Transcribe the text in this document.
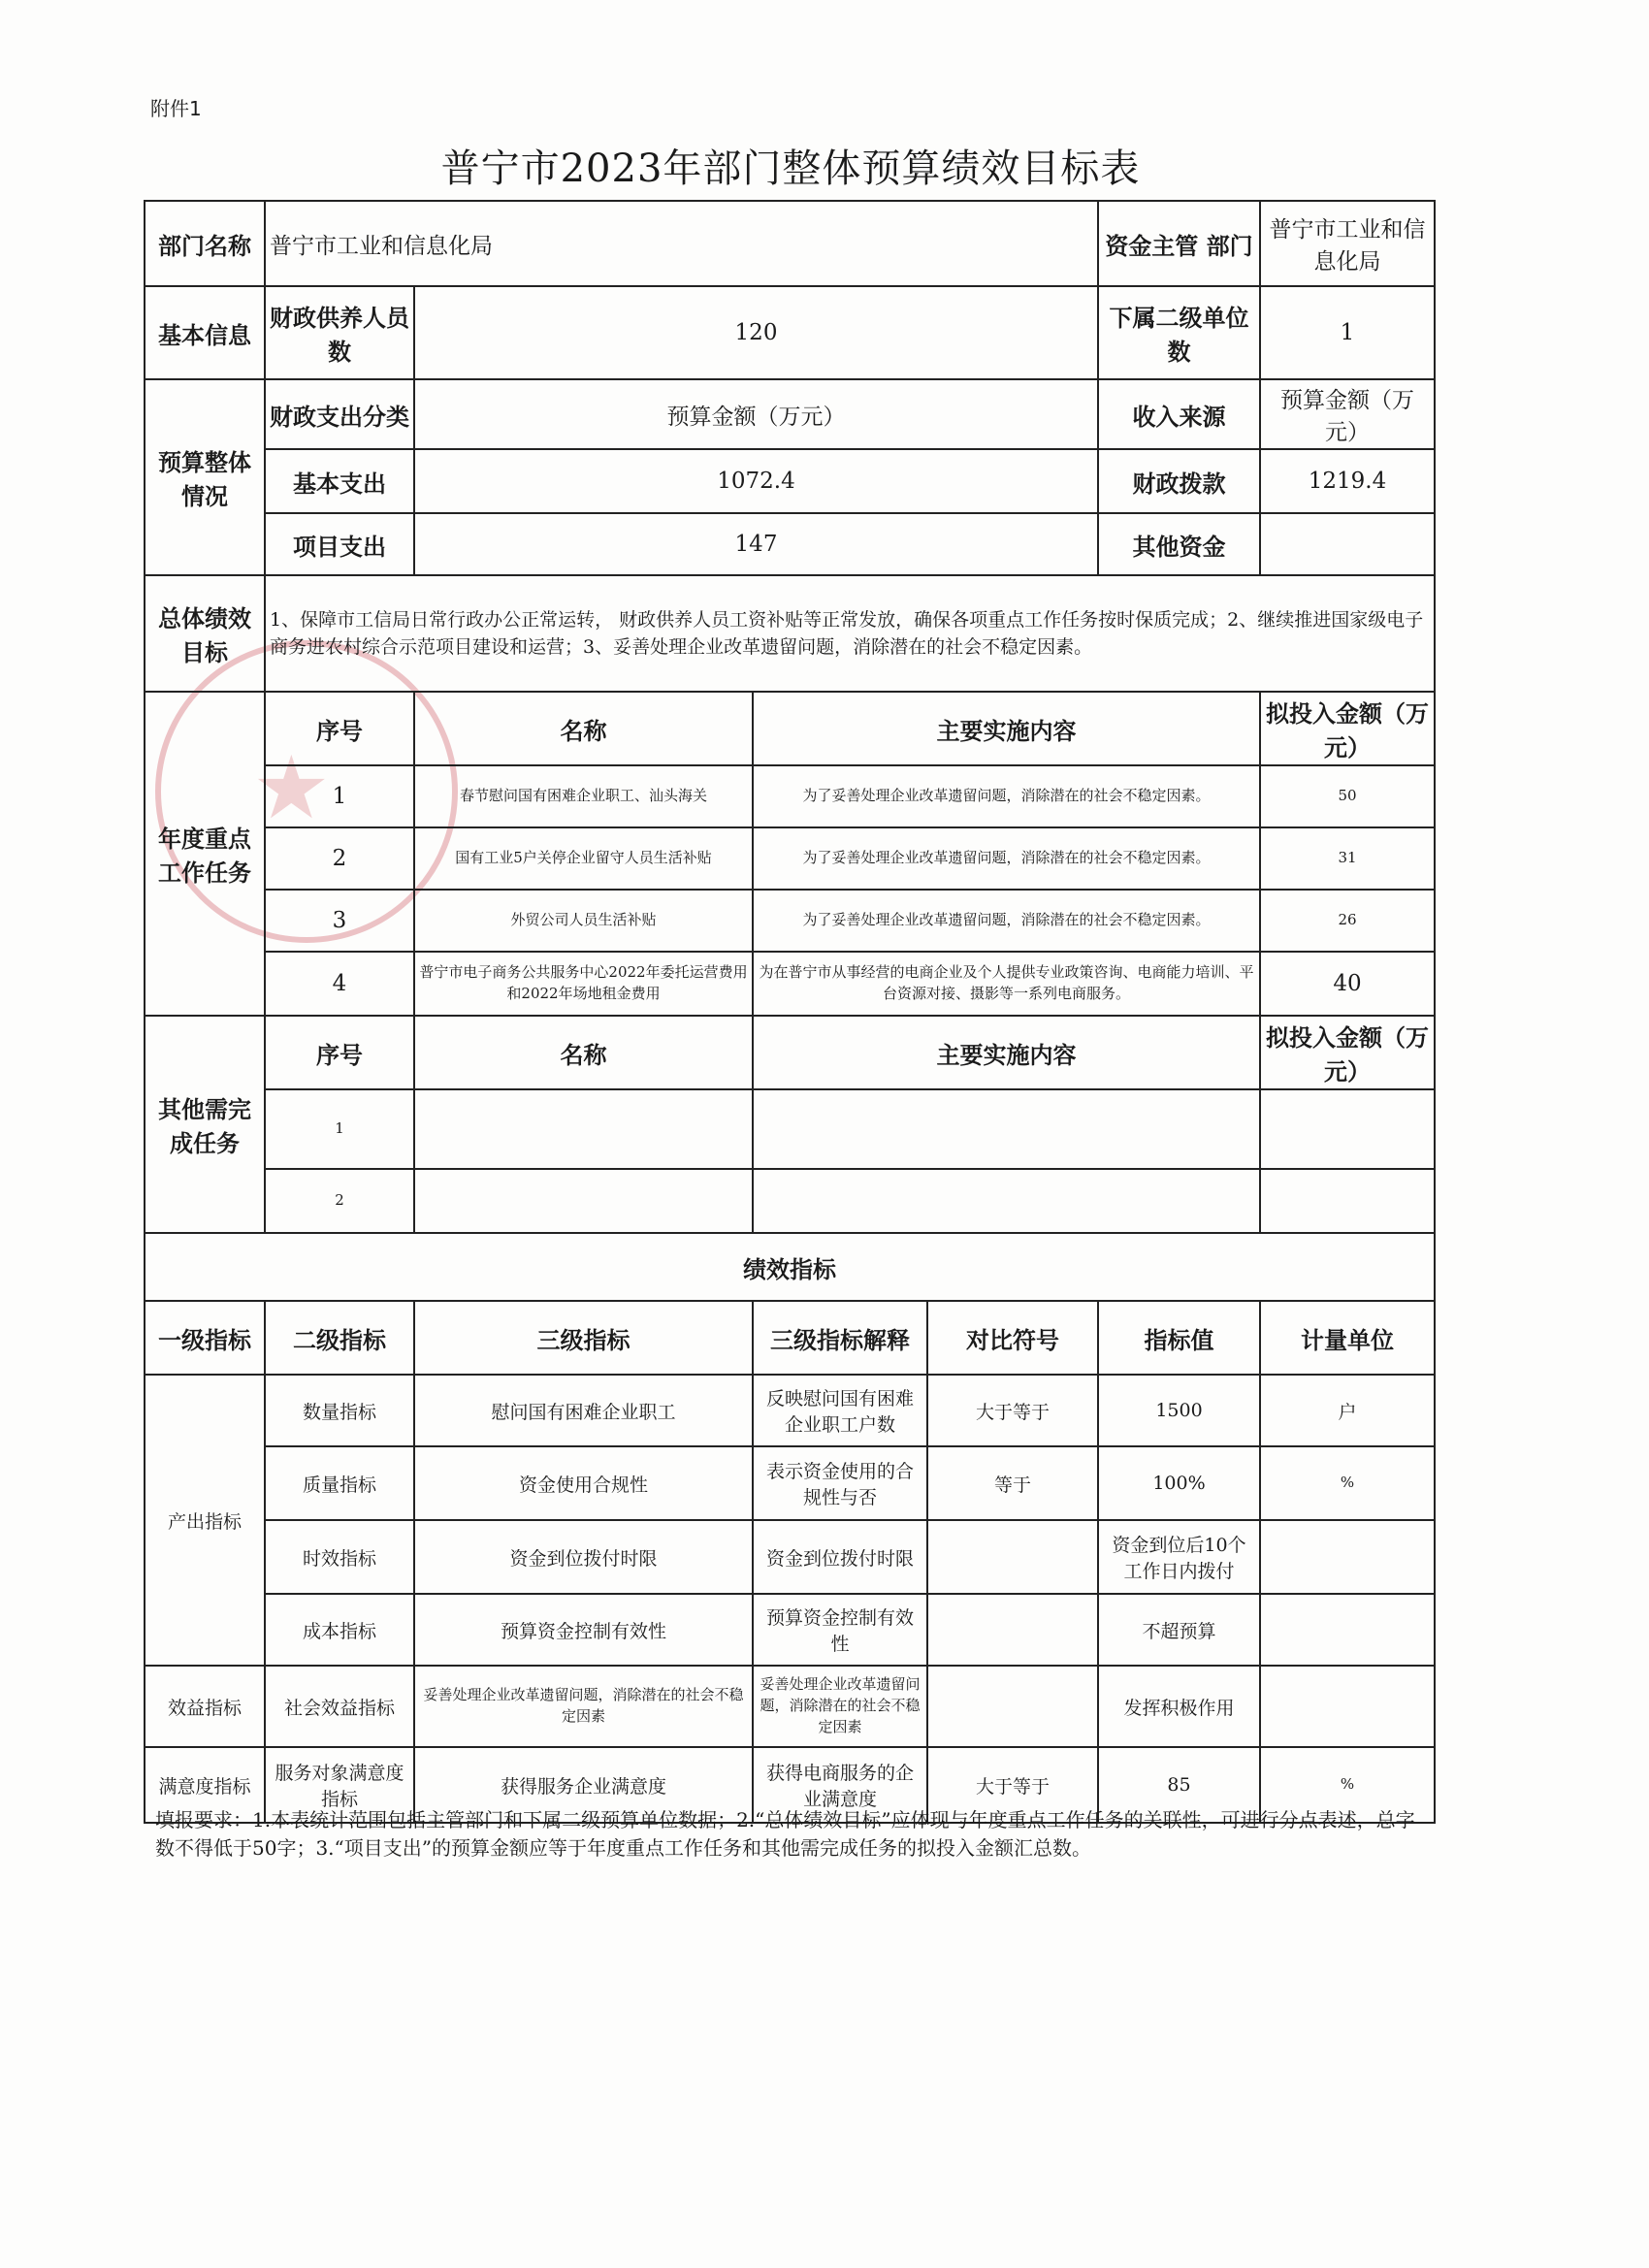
附件1
普宁市2023年部门整体预算绩效目标表
★
部门名称	普宁市工业和信息化局				资金主管 部门	普宁市工业和信息化局
基本信息	财政供养人员数	120			下属二级单位数	1
预算整体情况	财政支出分类	预算金额（万元）			收入来源	预算金额（万元）
	基本支出	1072.4			财政拨款	1219.4
	项目支出	147			其他资金	
总体绩效目标	1、保障市工信局日常行政办公正常运转， 财政供养人员工资补贴等正常发放，确保各项重点工作任务按时保质完成；2、继续推进国家级电子商务进农村综合示范项目建设和运营；3、妥善处理企业改革遗留问题，消除潜在的社会不稳定因素。					
年度重点工作任务	序号	名称	主要实施内容			拟投入金额（万元）
	1	春节慰问国有困难企业职工、汕头海关	为了妥善处理企业改革遗留问题，消除潜在的社会不稳定因素。			50
	2	国有工业5户关停企业留守人员生活补贴	为了妥善处理企业改革遗留问题，消除潜在的社会不稳定因素。			31
	3	外贸公司人员生活补贴	为了妥善处理企业改革遗留问题，消除潜在的社会不稳定因素。			26
	4	普宁市电子商务公共服务中心2022年委托运营费用和2022年场地租金费用	为在普宁市从事经营的电商企业及个人提供专业政策咨询、电商能力培训、平台资源对接、摄影等一系列电商服务。			40
其他需完成任务	序号	名称	主要实施内容			拟投入金额（万元）
	1					
	2					
绩效指标						
一级指标	二级指标	三级指标	三级指标解释	对比符号	指标值	计量单位
产出指标	数量指标	慰问国有困难企业职工	反映慰问国有困难企业职工户数	大于等于	1500	户
	质量指标	资金使用合规性	表示资金使用的合规性与否	等于	100%	%
	时效指标	资金到位拨付时限	资金到位拨付时限		资金到位后10个工作日内拨付	
	成本指标	预算资金控制有效性	预算资金控制有效性		不超预算	
效益指标	社会效益指标	妥善处理企业改革遗留问题，消除潜在的社会不稳定因素	妥善处理企业改革遗留问题，消除潜在的社会不稳定因素		发挥积极作用	
满意度指标	服务对象满意度指标	获得服务企业满意度	获得电商服务的企业满意度	大于等于	85	%
填报要求：1.本表统计范围包括主管部门和下属二级预算单位数据；2.“总体绩效目标”应体现与年度重点工作任务的关联性，可进行分点表述，总字数不得低于50字；3.“项目支出”的预算金额应等于年度重点工作任务和其他需完成任务的拟投入金额汇总数。
